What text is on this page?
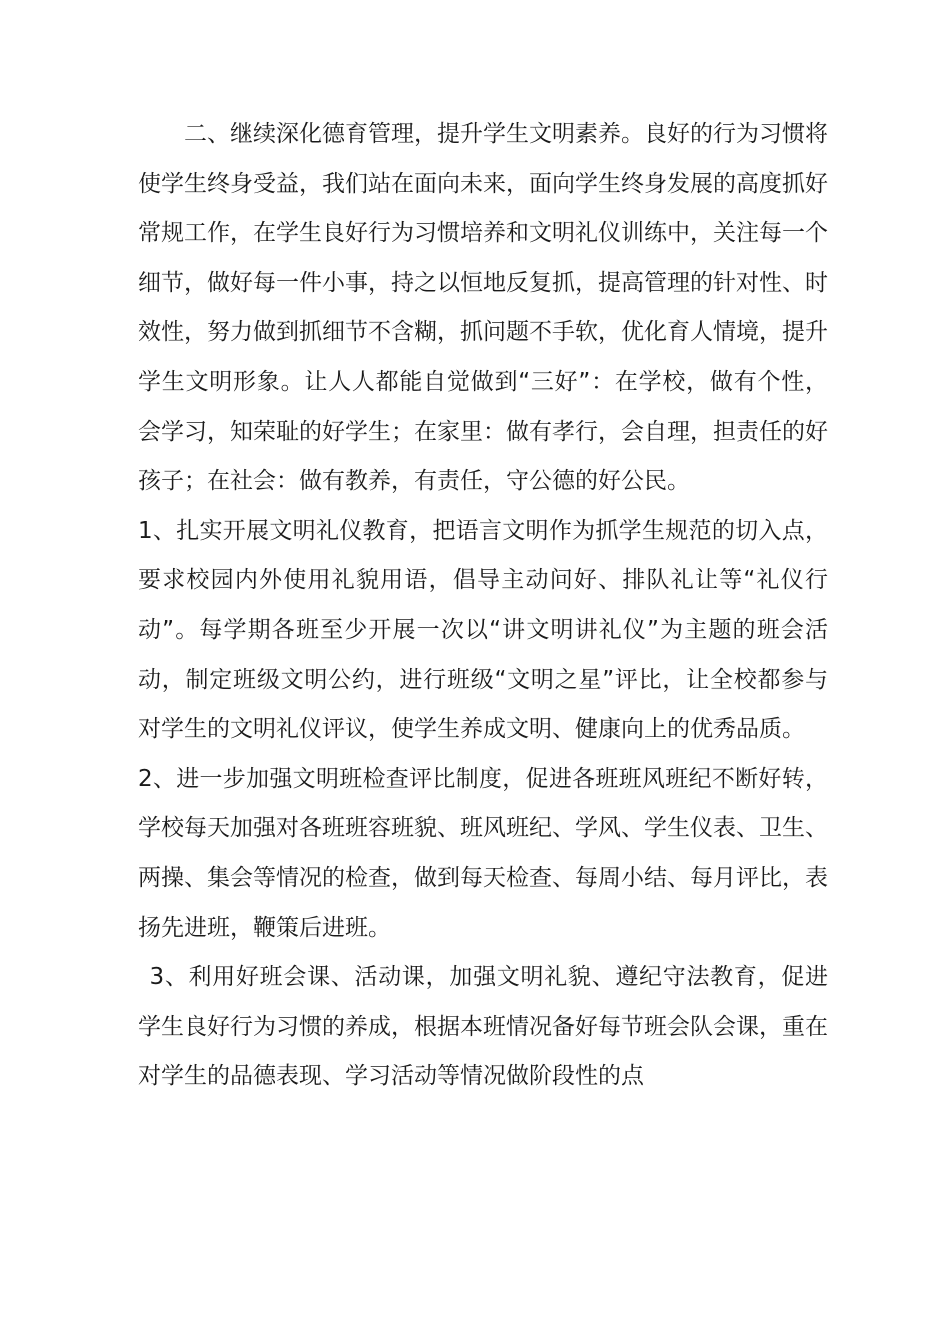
二、继续深化德育管理，提升学生文明素养。良好的行为习惯将使学生终身受益，我们站在面向未来，面向学生终身发展的高度抓好常规工作，在学生良好行为习惯培养和文明礼仪训练中，关注每一个细节，做好每一件小事，持之以恒地反复抓，提高管理的针对性、时效性，努力做到抓细节不含糊，抓问题不手软，优化育人情境，提升学生文明形象。让人人都能自觉做到“三好”：在学校，做有个性，会学习，知荣耻的好学生；在家里：做有孝行，会自理，担责任的好孩子；在社会：做有教养，有责任，守公德的好公民。

1、扎实开展文明礼仪教育，把语言文明作为抓学生规范的切入点，要求校园内外使用礼貌用语，倡导主动问好、排队礼让等“礼仪行动”。每学期各班至少开展一次以“讲文明讲礼仪”为主题的班会活动，制定班级文明公约，进行班级“文明之星”评比，让全校都参与对学生的文明礼仪评议，使学生养成文明、健康向上的优秀品质。

2、进一步加强文明班检查评比制度，促进各班班风班纪不断好转，学校每天加强对各班班容班貌、班风班纪、学风、学生仪表、卫生、两操、集会等情况的检查，做到每天检查、每周小结、每月评比，表扬先进班，鞭策后进班。

3、利用好班会课、活动课，加强文明礼貌、遵纪守法教育，促进学生良好行为习惯的养成，根据本班情况备好每节班会队会课，重在对学生的品德表现、学习活动等情况做阶段性的点
